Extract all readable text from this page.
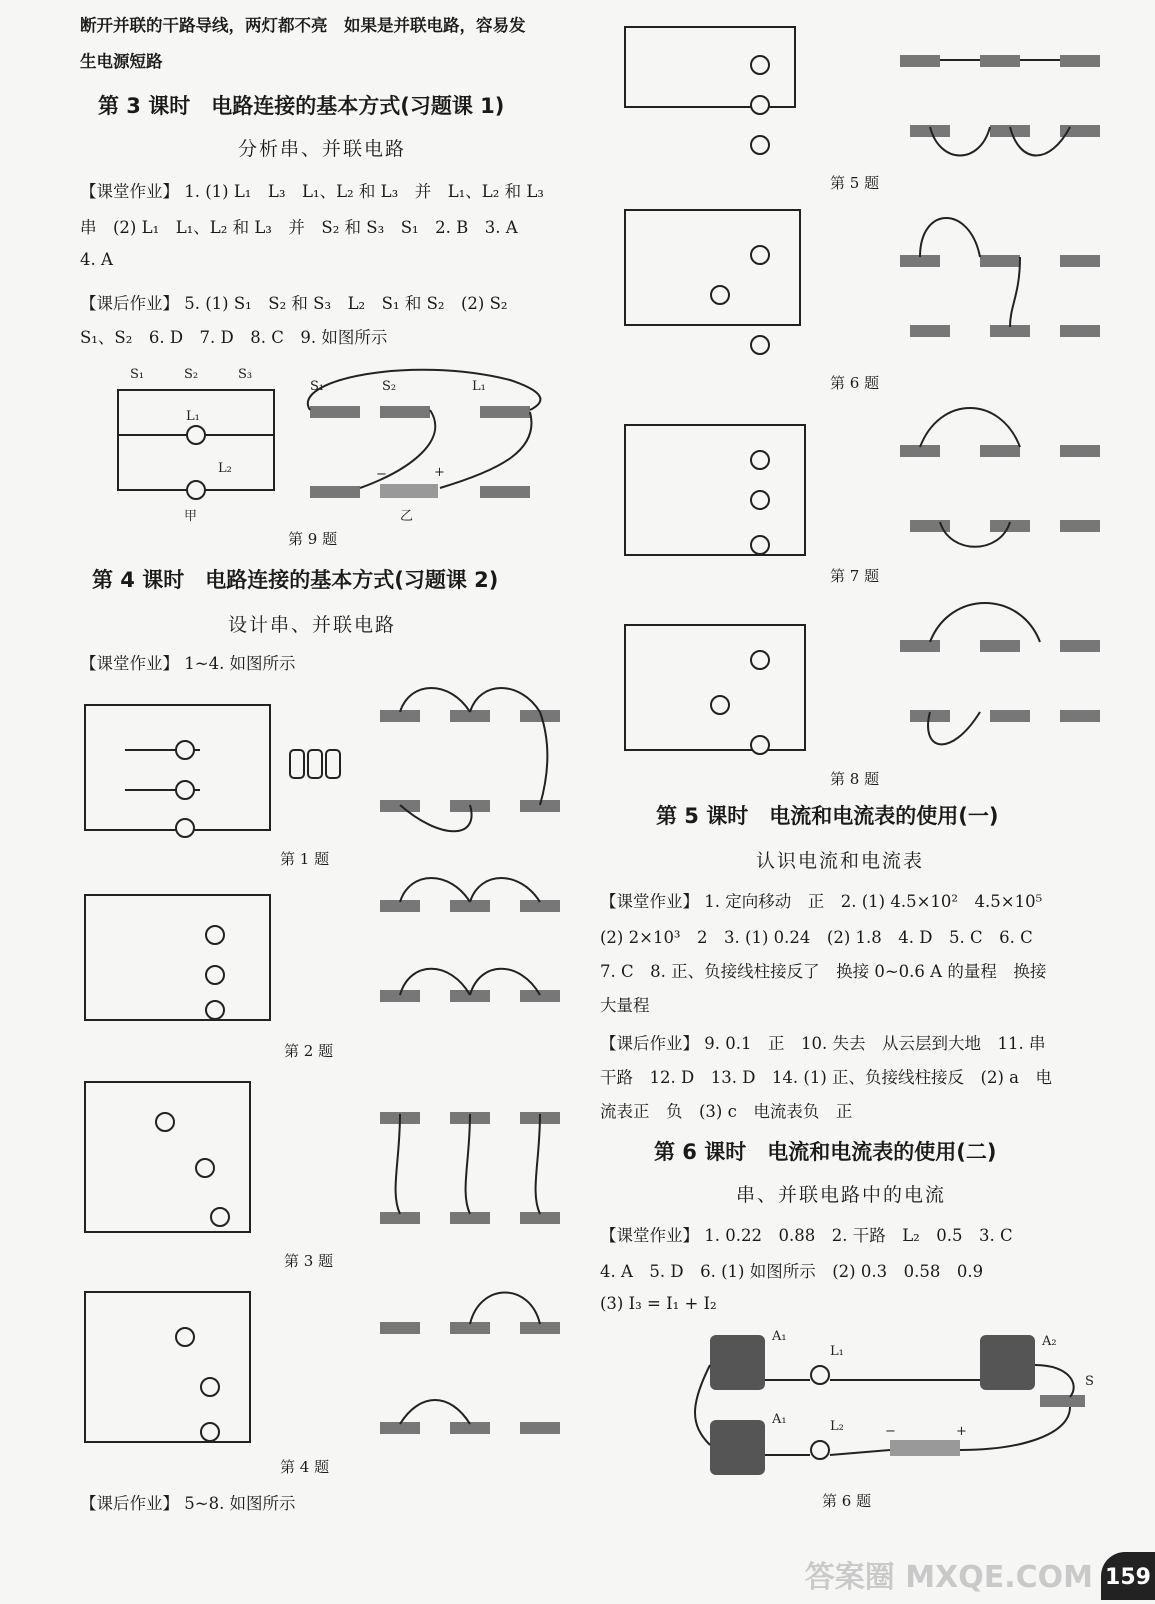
断开并联的干路导线，两灯都不亮　如果是并联电路，容易发
生电源短路
第 3 课时　电路连接的基本方式(习题课 1)
分析串、并联电路
【课堂作业】 1. (1) L₁　L₃　L₁、L₂ 和 L₃　并　L₁、L₂ 和 L₃
串　(2) L₁　L₁、L₂ 和 L₃　并　S₂ 和 S₃　S₁　2. B　3. A
4. A
【课后作业】 5. (1) S₁　S₂ 和 S₃　L₂　S₁ 和 S₂　(2) S₂
S₁、S₂　6. D　7. D　8. C　9. 如图所示
S₁	S₂	S₃
L₁
L₂
甲
S₁	S₂	L₁
−	+
乙
第 9 题
第 4 课时　电路连接的基本方式(习题课 2)
设计串、并联电路
【课堂作业】 1~4. 如图所示
第 1 题
第 2 题
第 3 题
第 4 题
【课后作业】 5~8. 如图所示
第 5 题
第 6 题
第 7 题
第 8 题
第 5 课时　电流和电流表的使用(一)
认识电流和电流表
【课堂作业】 1. 定向移动　正　2. (1) 4.5×10²　4.5×10⁵
(2) 2×10³　2　3. (1) 0.24　(2) 1.8　4. D　5. C　6. C
7. C　8. 正、负接线柱接反了　换接 0~0.6 A 的量程　换接
大量程
【课后作业】 9. 0.1　正　10. 失去　从云层到大地　11. 串
干路　12. D　13. D　14. (1) 正、负接线柱接反　(2) a　电
流表正　负　(3) c　电流表负　正
第 6 课时　电流和电流表的使用(二)
串、并联电路中的电流
【课堂作业】 1. 0.22　0.88　2. 干路　L₂　0.5　3. C
4. A　5. D　6. (1) 如图所示　(2) 0.3　0.58　0.9
(3) I₃ = I₁ + I₂
A₁
L₁
A₂
S
A₁	L₂	−	+
第 6 题
答案圈 MXQE.COM 159
